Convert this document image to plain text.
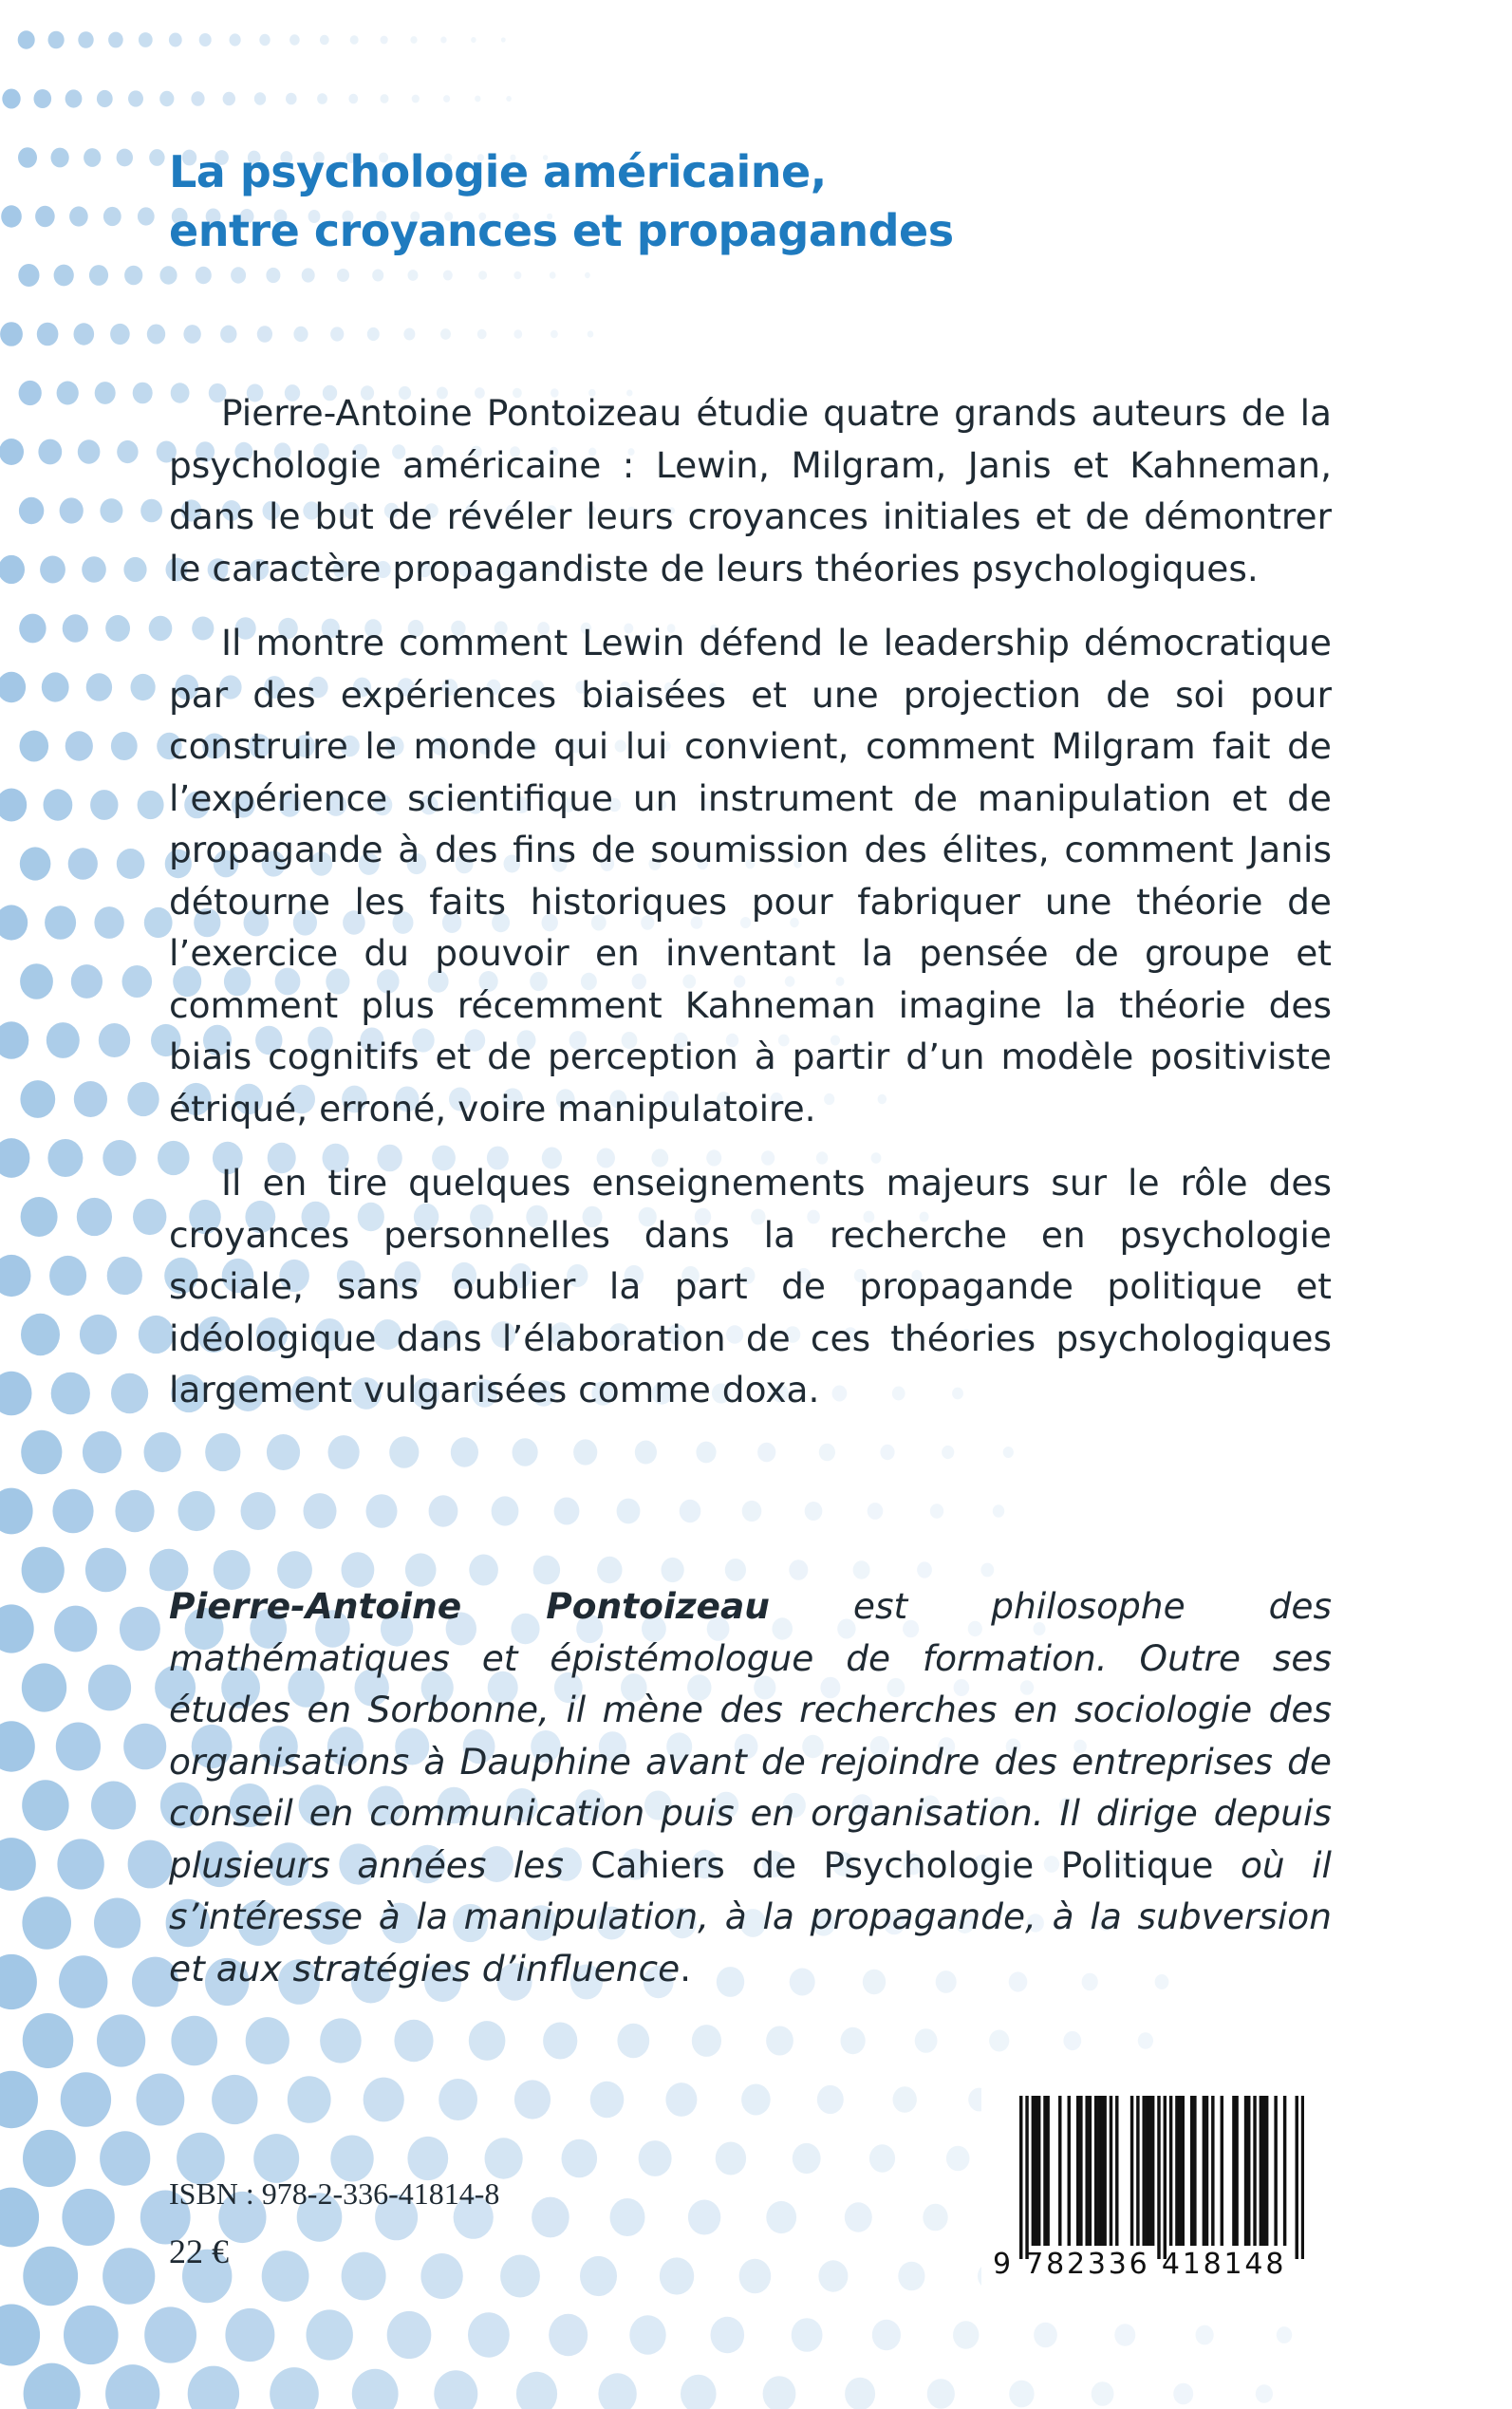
La psychologie américaine,
entre croyances et propagandes

Pierre-Antoine Pontoizeau étudie quatre grands auteurs de la psychologie américaine : Lewin, Milgram, Janis et Kahneman, dans le but de révéler leurs croyances initiales et de démontrer le caractère propagandiste de leurs théories psychologiques.

Il montre comment Lewin défend le leadership démocratique par des expériences biaisées et une projection de soi pour construire le monde qui lui convient, comment Milgram fait de l’expérience scientifique un instrument de manipulation et de propagande à des fins de soumission des élites, comment Janis détourne les faits historiques pour fabriquer une théorie de l’exercice du pouvoir en inventant la pensée de groupe et comment plus récemment Kahneman imagine la théorie des biais cognitifs et de perception à partir d’un modèle positiviste étriqué, erroné, voire manipulatoire.

Il en tire quelques enseignements majeurs sur le rôle des croyances personnelles dans la recherche en psychologie sociale, sans oublier la part de propagande politique et idéologique dans l’élaboration de ces théories psychologiques largement vulgarisées comme doxa.

Pierre-Antoine Pontoizeau est philosophe des mathématiques et épistémologue de formation. Outre ses études en Sorbonne, il mène des recherches en sociologie des organisations à Dauphine avant de rejoindre des entreprises de conseil en communication puis en organisation. Il dirige depuis plusieurs années les Cahiers de Psychologie Politique où il s’intéresse à la manipulation, à la propagande, à la subversion et aux stratégies d’influence.

ISBN : 978-2-336-41814-8
22 €	9 782336 418148
